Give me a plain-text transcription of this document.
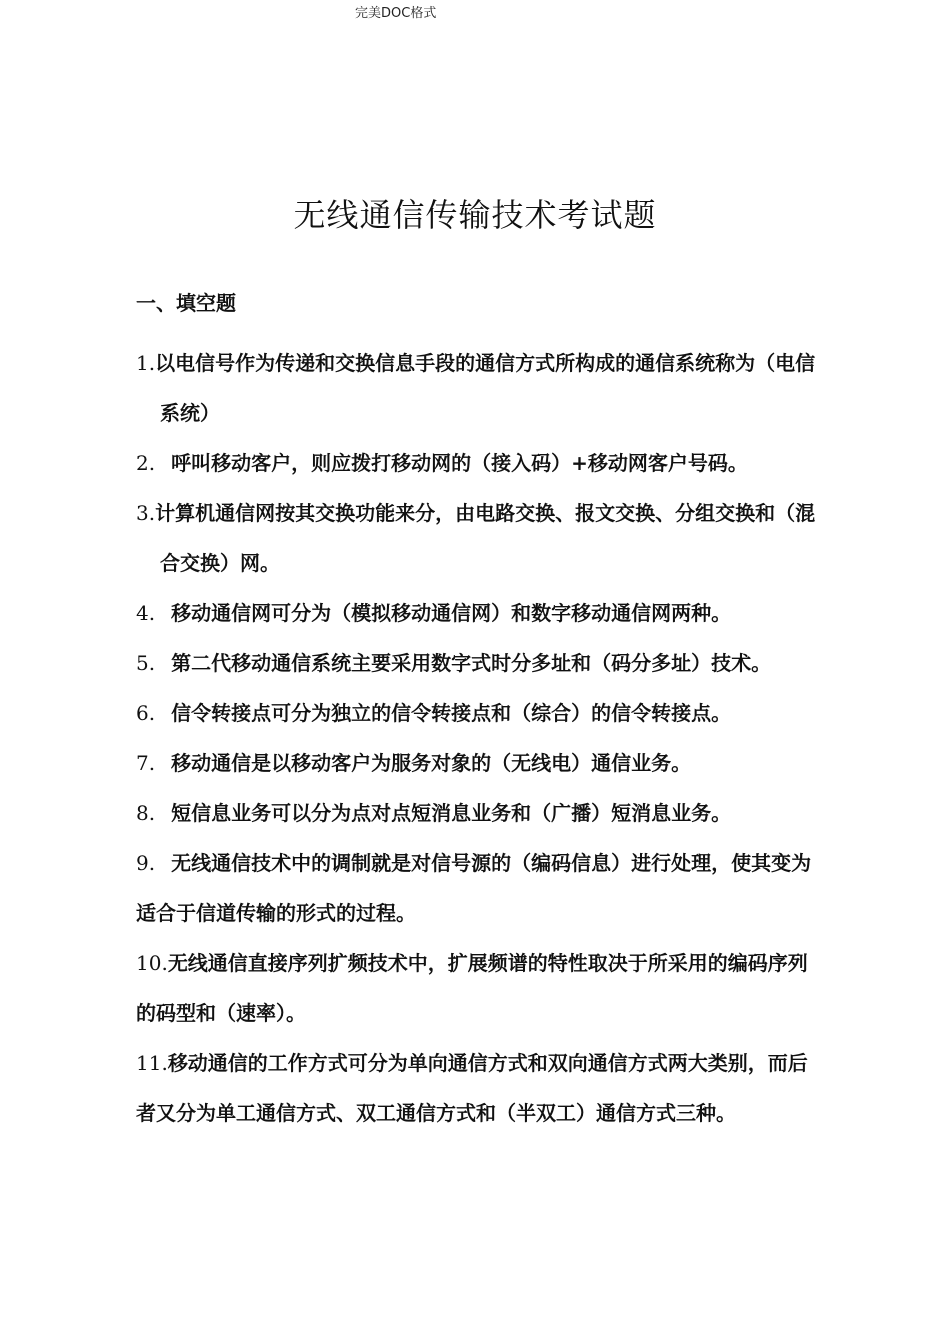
完美DOC格式
无线通信传输技术考试题
一、填空题

1.以电信号作为传递和交换信息手段的通信方式所构成的通信系统称为（电信系统）

2. 呼叫移动客户，则应拨打移动网的（接入码）+移动网客户号码。

3.计算机通信网按其交换功能来分，由电路交换、报文交换、分组交换和（混合交换）网。

4. 移动通信网可分为（模拟移动通信网）和数字移动通信网两种。

5. 第二代移动通信系统主要采用数字式时分多址和（码分多址）技术。

6. 信令转接点可分为独立的信令转接点和（综合）的信令转接点。

7. 移动通信是以移动客户为服务对象的（无线电）通信业务。

8. 短信息业务可以分为点对点短消息业务和（广播）短消息业务。

9. 无线通信技术中的调制就是对信号源的（编码信息）进行处理，使其变为适合于信道传输的形式的过程。

10.无线通信直接序列扩频技术中，扩展频谱的特性取决于所采用的编码序列的码型和（速率）。

11.移动通信的工作方式可分为单向通信方式和双向通信方式两大类别，而后者又分为单工通信方式、双工通信方式和（半双工）通信方式三种。
